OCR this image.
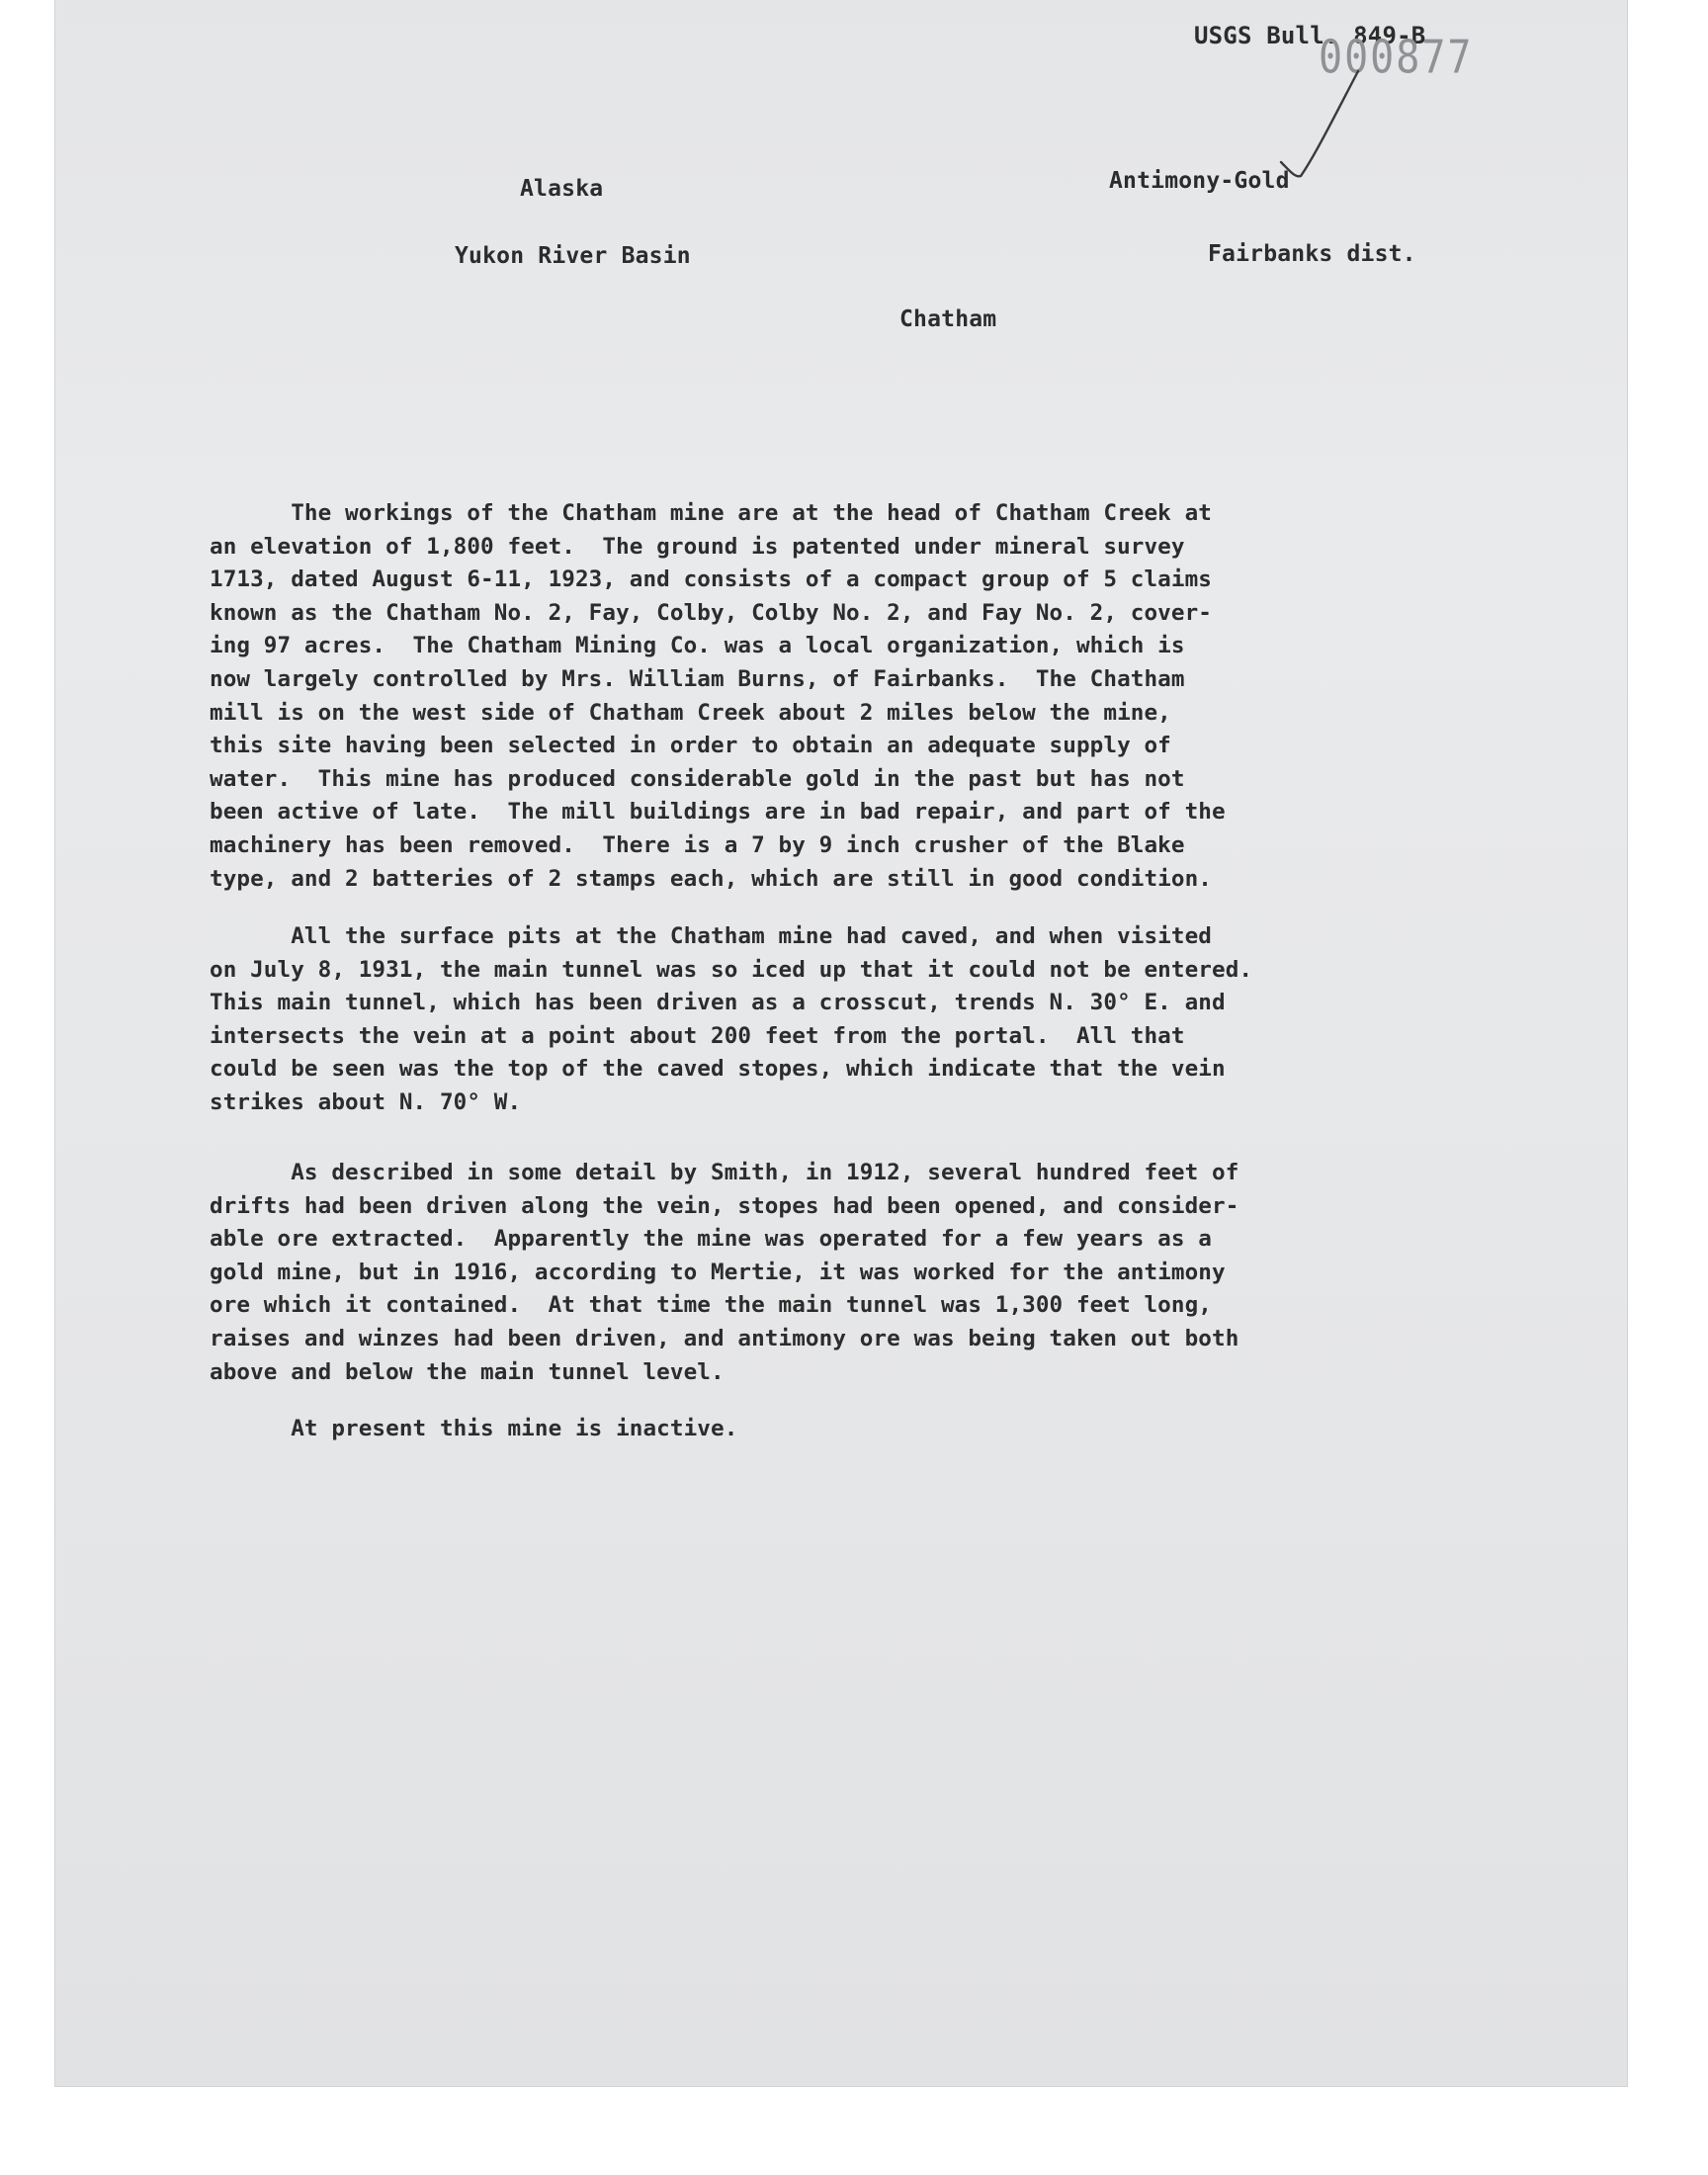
USGS Bull. 849-B
000877
Alaska	Antimony-Gold
Yukon River Basin	Fairbanks dist.
Chatham

The workings of the Chatham mine are at the head of Chatham Creek at
an elevation of 1,800 feet.  The ground is patented under mineral survey
1713, dated August 6-11, 1923, and consists of a compact group of 5 claims
known as the Chatham No. 2, Fay, Colby, Colby No. 2, and Fay No. 2, cover-
ing 97 acres.  The Chatham Mining Co. was a local organization, which is
now largely controlled by Mrs. William Burns, of Fairbanks.  The Chatham
mill is on the west side of Chatham Creek about 2 miles below the mine,
this site having been selected in order to obtain an adequate supply of
water.  This mine has produced considerable gold in the past but has not
been active of late.  The mill buildings are in bad repair, and part of the
machinery has been removed.  There is a 7 by 9 inch crusher of the Blake
type, and 2 batteries of 2 stamps each, which are still in good condition.

All the surface pits at the Chatham mine had caved, and when visited
on July 8, 1931, the main tunnel was so iced up that it could not be entered.
This main tunnel, which has been driven as a crosscut, trends N. 30° E. and
intersects the vein at a point about 200 feet from the portal.  All that
could be seen was the top of the caved stopes, which indicate that the vein
strikes about N. 70° W.

As described in some detail by Smith, in 1912, several hundred feet of
drifts had been driven along the vein, stopes had been opened, and consider-
able ore extracted.  Apparently the mine was operated for a few years as a
gold mine, but in 1916, according to Mertie, it was worked for the antimony
ore which it contained.  At that time the main tunnel was 1,300 feet long,
raises and winzes had been driven, and antimony ore was being taken out both
above and below the main tunnel level.

At present this mine is inactive.
